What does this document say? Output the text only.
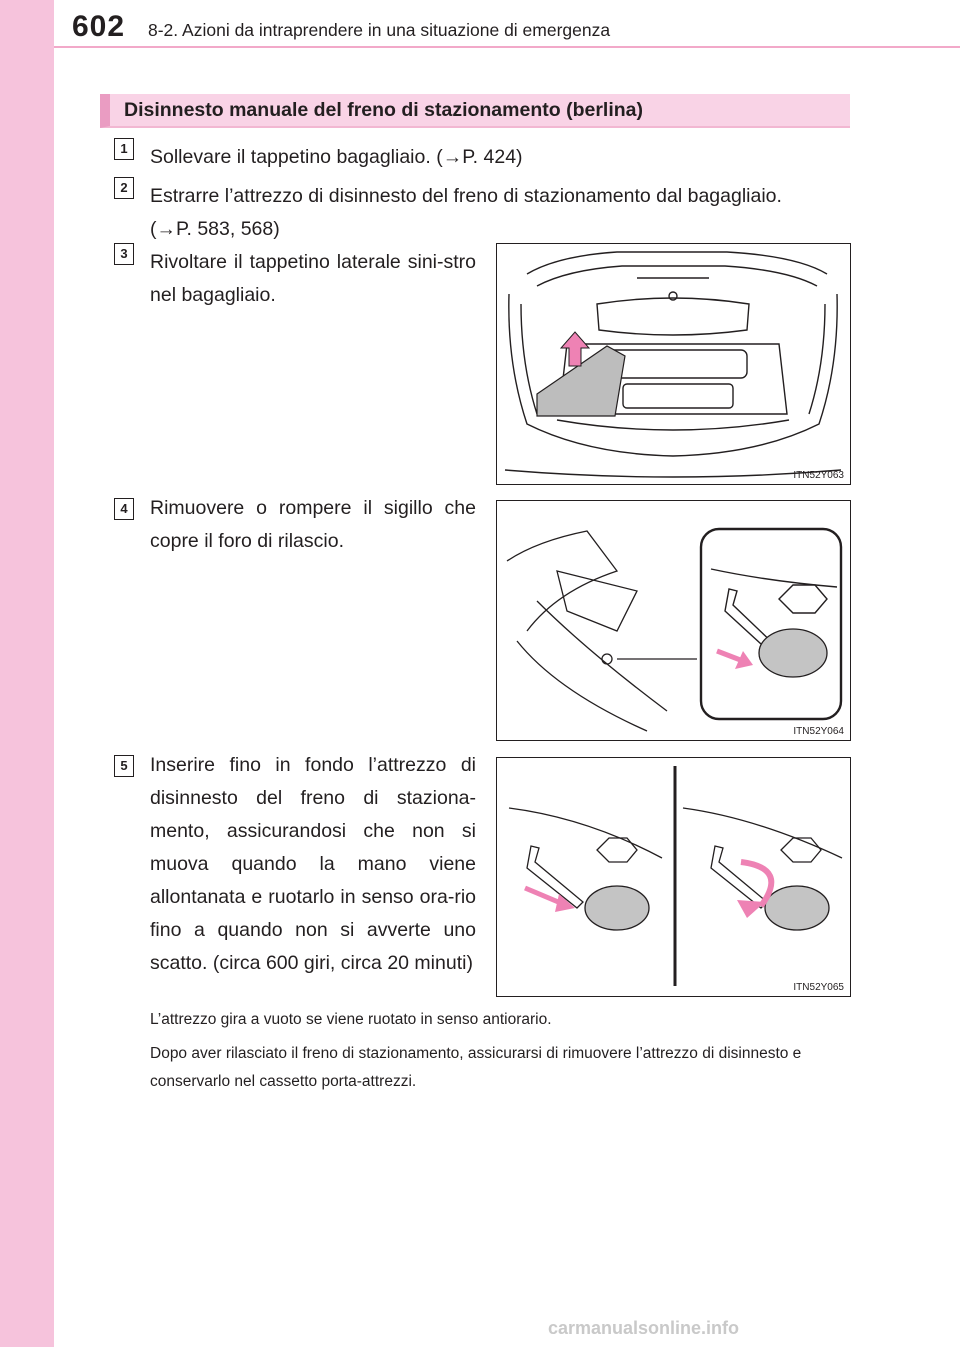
602 8-2. Azioni da intraprendere in una situazione di emergenza
Disinnesto manuale del freno di stazionamento (berlina)
1	Sollevare il tappetino bagagliaio. (→P. 424)
2	Estrarre l’attrezzo di disinnesto del freno di stazionamento dal bagagliaio.
(→P. 583, 568)
3	Rivoltare il tappetino laterale sini-stro nel bagagliaio.
ITN52Y063
4	Rimuovere o rompere il sigillo che copre il foro di rilascio.
ITN52Y064
5	Inserire fino in fondo l’attrezzo di disinnesto del freno di staziona-mento, assicurandosi che non si muova quando la mano viene allontanata e ruotarlo in senso ora-rio fino a quando non si avverte uno scatto. (circa 600 giri, circa 20 minuti)
ITN52Y065
L’attrezzo gira a vuoto se viene ruotato in senso antiorario.
Dopo aver rilasciato il freno di stazionamento, assicurarsi di rimuovere l’attrezzo di disinnesto e conservarlo nel cassetto porta-attrezzi.
carmanualsonline.info
